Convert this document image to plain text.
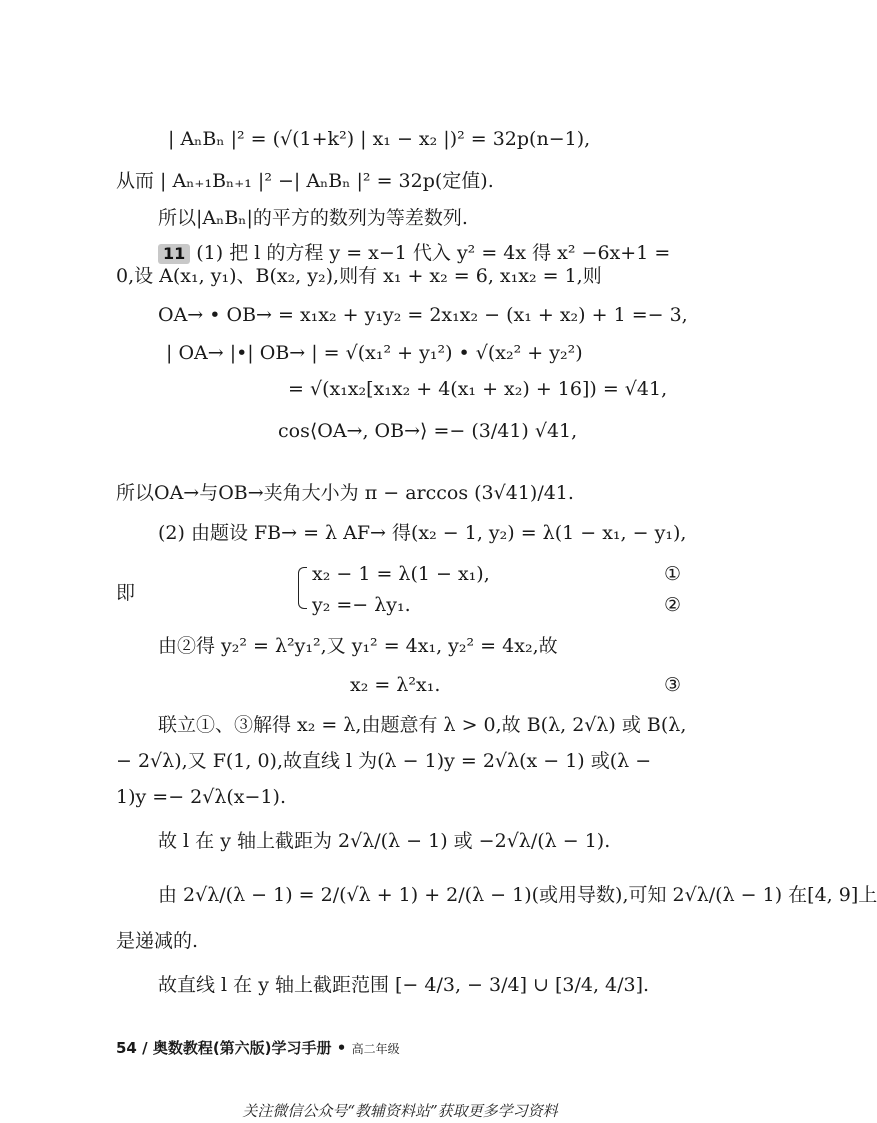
| AₙBₙ |² = (√(1+k²) | x₁ − x₂ |)² = 32p(n−1),

从而 | Aₙ₊₁Bₙ₊₁ |² −| AₙBₙ |² = 32p(定值).

所以|AₙBₙ|的平方的数列为等差数列.

11 (1) 把 l 的方程 y = x−1 代入 y² = 4x 得 x² −6x+1 =

0,设 A(x₁, y₁)、B(x₂, y₂),则有 x₁ + x₂ = 6, x₁x₂ = 1,则

OA→ • OB→ = x₁x₂ + y₁y₂ = 2x₁x₂ − (x₁ + x₂) + 1 =− 3,

| OA→ |•| OB→ | = √(x₁² + y₁²) • √(x₂² + y₂²)

= √(x₁x₂[x₁x₂ + 4(x₁ + x₂) + 16]) = √41,

cos⟨OA→, OB→⟩ =− (3/41) √41,

所以OA→与OB→夹角大小为 π − arccos (3√41)/41.

(2) 由题设 FB→ = λ AF→ 得(x₂ − 1, y₂) = λ(1 − x₁, − y₁),

即

x₂ − 1 = λ(1 − x₁),

y₂ =− λy₁.

①
②

由②得 y₂² = λ²y₁²,又 y₁² = 4x₁, y₂² = 4x₂,故

x₂ = λ²x₁.	③

联立①、③解得 x₂ = λ,由题意有 λ > 0,故 B(λ, 2√λ) 或 B(λ,

− 2√λ),又 F(1, 0),故直线 l 为(λ − 1)y = 2√λ(x − 1) 或(λ −

1)y =− 2√λ(x−1).

故 l 在 y 轴上截距为 2√λ/(λ − 1) 或 −2√λ/(λ − 1).

由 2√λ/(λ − 1) = 2/(√λ + 1) + 2/(λ − 1)(或用导数),可知 2√λ/(λ − 1) 在[4, 9]上

是递减的.

故直线 l 在 y 轴上截距范围 [− 4/3, − 3/4] ∪ [3/4, 4/3].

54 / 奥数教程(第六版)学习手册 • 高二年级
关注微信公众号“教辅资料站”获取更多学习资料
